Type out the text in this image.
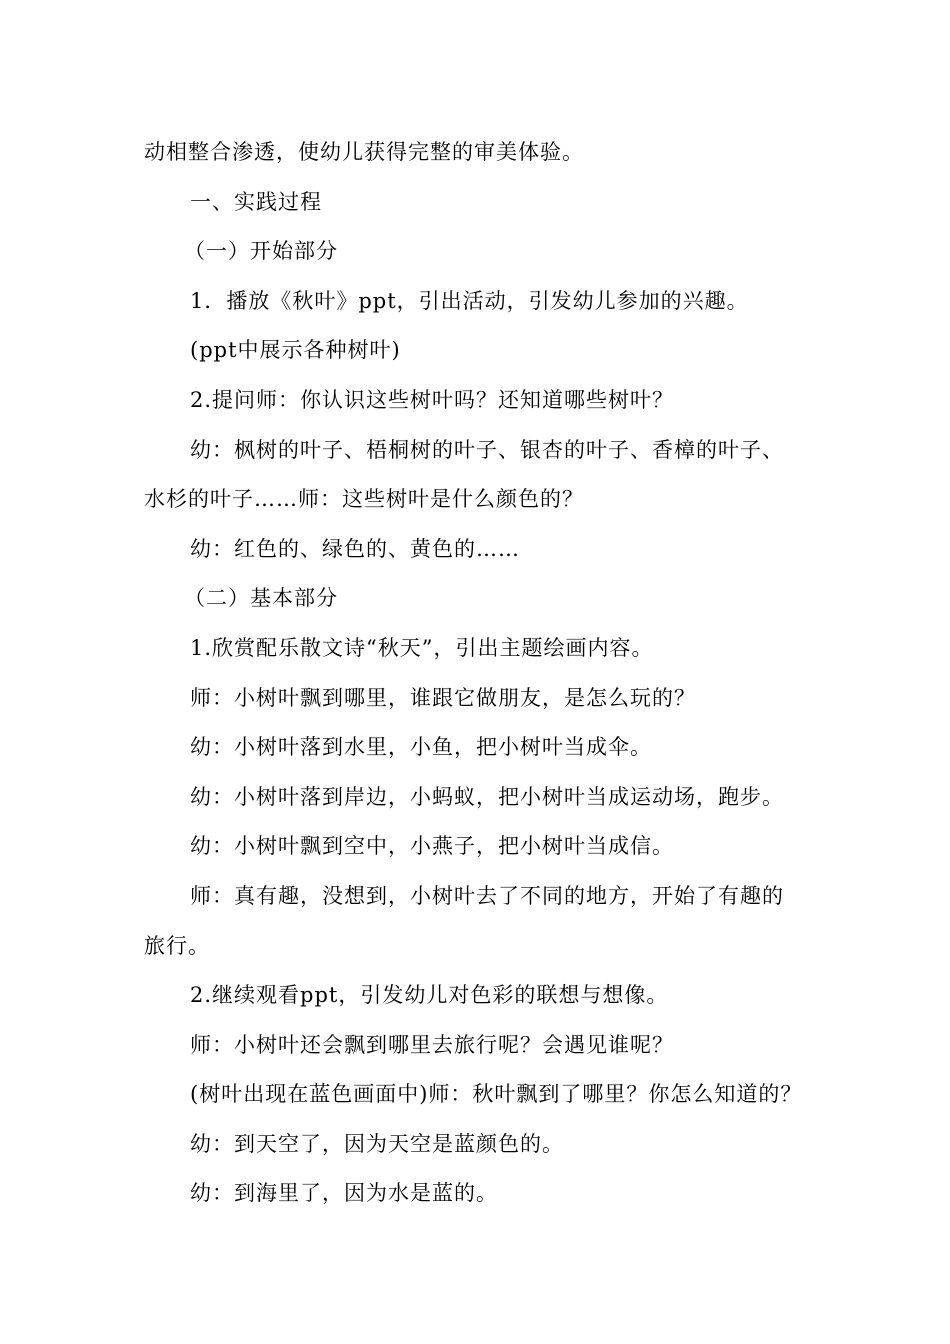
动相整合渗透，使幼儿获得完整的审美体验。
一、实践过程
（一）开始部分
1．播放《秋叶》ppt，引出活动，引发幼儿参加的兴趣。
(ppt中展示各种树叶)
2.提问师：你认识这些树叶吗？还知道哪些树叶？
幼：枫树的叶子、梧桐树的叶子、银杏的叶子、香樟的叶子、
水杉的叶子……师：这些树叶是什么颜色的？
幼：红色的、绿色的、黄色的……
（二）基本部分
1.欣赏配乐散文诗“秋天”，引出主题绘画内容。
师：小树叶飘到哪里，谁跟它做朋友，是怎么玩的？
幼：小树叶落到水里，小鱼，把小树叶当成伞。
幼：小树叶落到岸边，小蚂蚁，把小树叶当成运动场，跑步。
幼：小树叶飘到空中，小燕子，把小树叶当成信。
师：真有趣，没想到，小树叶去了不同的地方，开始了有趣的
旅行。
2.继续观看ppt，引发幼儿对色彩的联想与想像。
师：小树叶还会飘到哪里去旅行呢？会遇见谁呢？
(树叶出现在蓝色画面中)师：秋叶飘到了哪里？你怎么知道的？
幼：到天空了，因为天空是蓝颜色的。
幼：到海里了，因为水是蓝的。
